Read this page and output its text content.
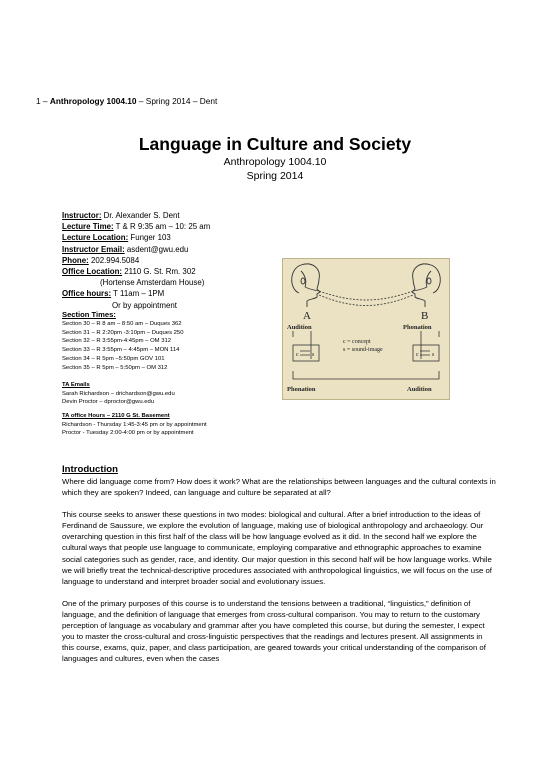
1 – Anthropology 1004.10 – Spring 2014 – Dent
Language in Culture and Society
Anthropology 1004.10
Spring 2014
Instructor: Dr. Alexander S. Dent
Lecture Time: T & R 9:35 am – 10: 25 am
Lecture Location: Funger 103
Instructor Email: asdent@gwu.edu
Phone: 202.994.5084
Office Location: 2110 G. St. Rm. 302
(Hortense Amsterdam House)
Office hours: T 11am – 1PM
Or by appointment
Section Times:
Section 30 – R 8 am – 8:50 am – Duques 362
Section 31 – R 2:20pm -3:10pm – Duques 250
Section 32 – R 3:55pm-4:45pm – OM 312
Section 33 – R 3:55pm – 4:45pm – MON 114
Section 34 – R 5pm –5:50pm GOV 101
Section 35 – R 5pm – 5:50pm – OM 312
TA Emails
Sarah Richardson – drichardson@gwu.edu
Devin Proctor – dproctor@gwu.edu
TA office Hours – 2110 G St. Basement
Richardson - Thursday 1:45-3:45 pm or by appointment
Proctor - Tuesday 2:00-4:00 pm or by appointment
A	B
Audition	Phonation
c s	c s
c = concept
s = sound-image
Phonation	Audition
Introduction

Where did language come from? How does it work? What are the relationships between languages and the cultural contexts in which they are spoken? Indeed, can language and culture be separated at all?

This course seeks to answer these questions in two modes: biological and cultural. After a brief introduction to the ideas of Ferdinand de Saussure, we explore the evolution of language, making use of biological anthropology and archaeology. Our overarching question in this first half of the class will be how language evolved as it did. In the second half we explore the cultural ways that people use language to communicate, employing comparative and ethnographic approaches to examine social categories such as gender, race, and identity. Our major question in this second half will be how language works. While we will briefly treat the technical-descriptive procedures associated with anthropological linguistics, we will focus on the use of language to understand and interpret broader social and evolutionary issues.

One of the primary purposes of this course is to understand the tensions between a traditional, “linguistics,” definition of language, and the definition of language that emerges from cross-cultural comparison. You may to return to the customary perception of language as vocabulary and grammar after you have completed this course, but during the semester, I expect you to master the cross-cultural and cross-linguistic perspectives that the readings and lectures present. All assignments in this course, exams, quiz, paper, and class participation, are geared towards your critical understanding of the comparison of languages and cultures, even when the cases
